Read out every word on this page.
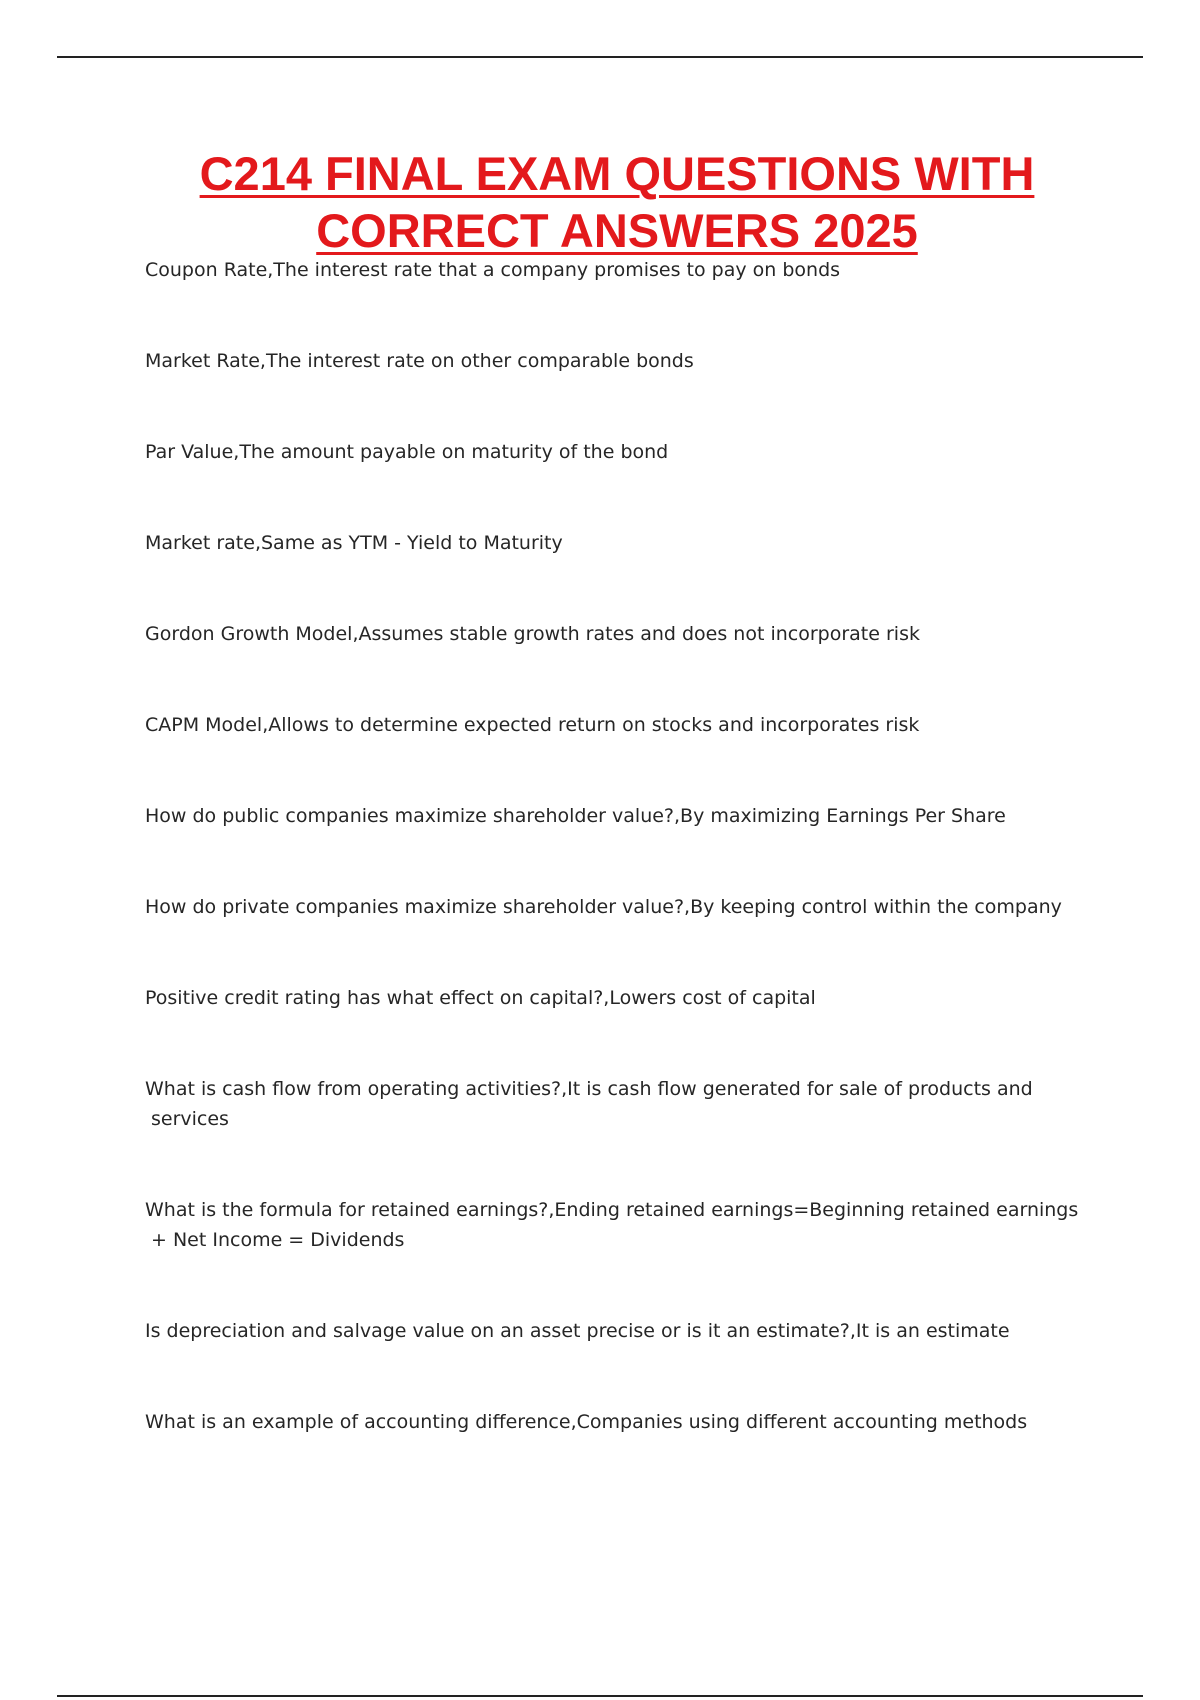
C214 FINAL EXAM QUESTIONS WITH
CORRECT ANSWERS 2025
Coupon Rate,The interest rate that a company promises to pay on bonds
Market Rate,The interest rate on other comparable bonds
Par Value,The amount payable on maturity of the bond
Market rate,Same as YTM - Yield to Maturity
Gordon Growth Model,Assumes stable growth rates and does not incorporate risk
CAPM Model,Allows to determine expected return on stocks and incorporates risk
How do public companies maximize shareholder value?,By maximizing Earnings Per Share
How do private companies maximize shareholder value?,By keeping control within the company
Positive credit rating has what effect on capital?,Lowers cost of capital
What is cash flow from operating activities?,It is cash flow generated for sale of products and services
What is the formula for retained earnings?,Ending retained earnings=Beginning retained earnings + Net Income = Dividends
Is depreciation and salvage value on an asset precise or is it an estimate?,It is an estimate
What is an example of accounting difference,Companies using different accounting methods
